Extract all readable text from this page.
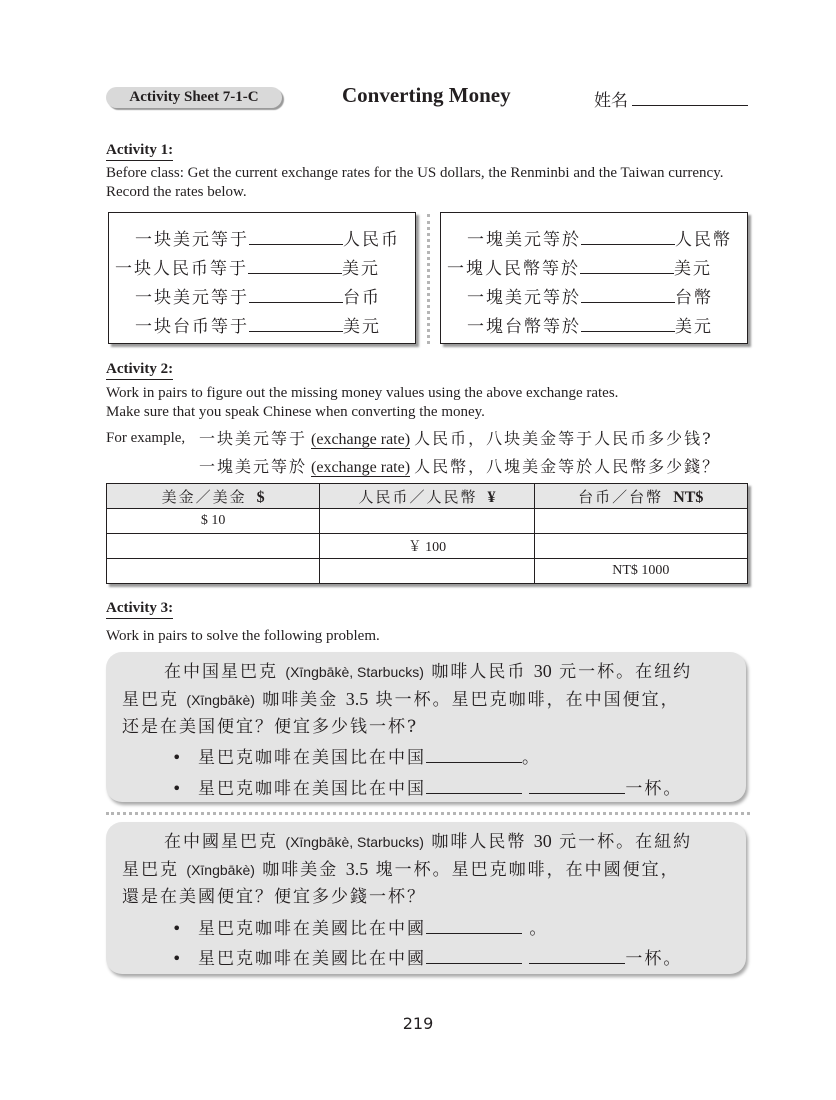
Activity Sheet 7-1-C	Converting Money	姓名
Activity 1:
Before class: Get the current exchange rates for the US dollars, the Renminbi and the Taiwan currency. Record the rates below.
一块美元等于	人民币
一块人民币等于	美元
一块美元等于	台币
一块台币等于	美元
一塊美元等於	人民幣
一塊人民幣等於	美元
一塊美元等於	台幣
一塊台幣等於	美元
Activity 2:
Work in pairs to figure out the missing money values using the above exchange rates.
Make sure that you speak Chinese when converting the money.
For example, 一块美元等于 (exchange rate) 人民币，八块美金等于人民币多少钱?
一塊美元等於 (exchange rate) 人民幣，八塊美金等於人民幣多少錢？
美金／美金 $	人民币／人民幣 ¥	台币／台幣 NT$
$ 10		
	￥ 100	
		NT$ 1000
Activity 3:
Work in pairs to solve the following problem.
在中国星巴克 (Xīngbākè, Starbucks) 咖啡人民币 30 元一杯。在纽约
星巴克 (Xīngbākè) 咖啡美金 3.5 块一杯。星巴克咖啡，在中国便宜，
还是在美国便宜？便宜多少钱一杯?
• 星巴克咖啡在美国比在中国	。
• 星巴克咖啡在美国比在中国	一杯。
在中國星巴克 (Xīngbākè, Starbucks) 咖啡人民幣 30 元一杯。在紐約
星巴克 (Xīngbākè) 咖啡美金 3.5 塊一杯。星巴克咖啡，在中國便宜，
還是在美國便宜？便宜多少錢一杯？
• 星巴克咖啡在美國比在中國	。
• 星巴克咖啡在美國比在中國	一杯。
219
